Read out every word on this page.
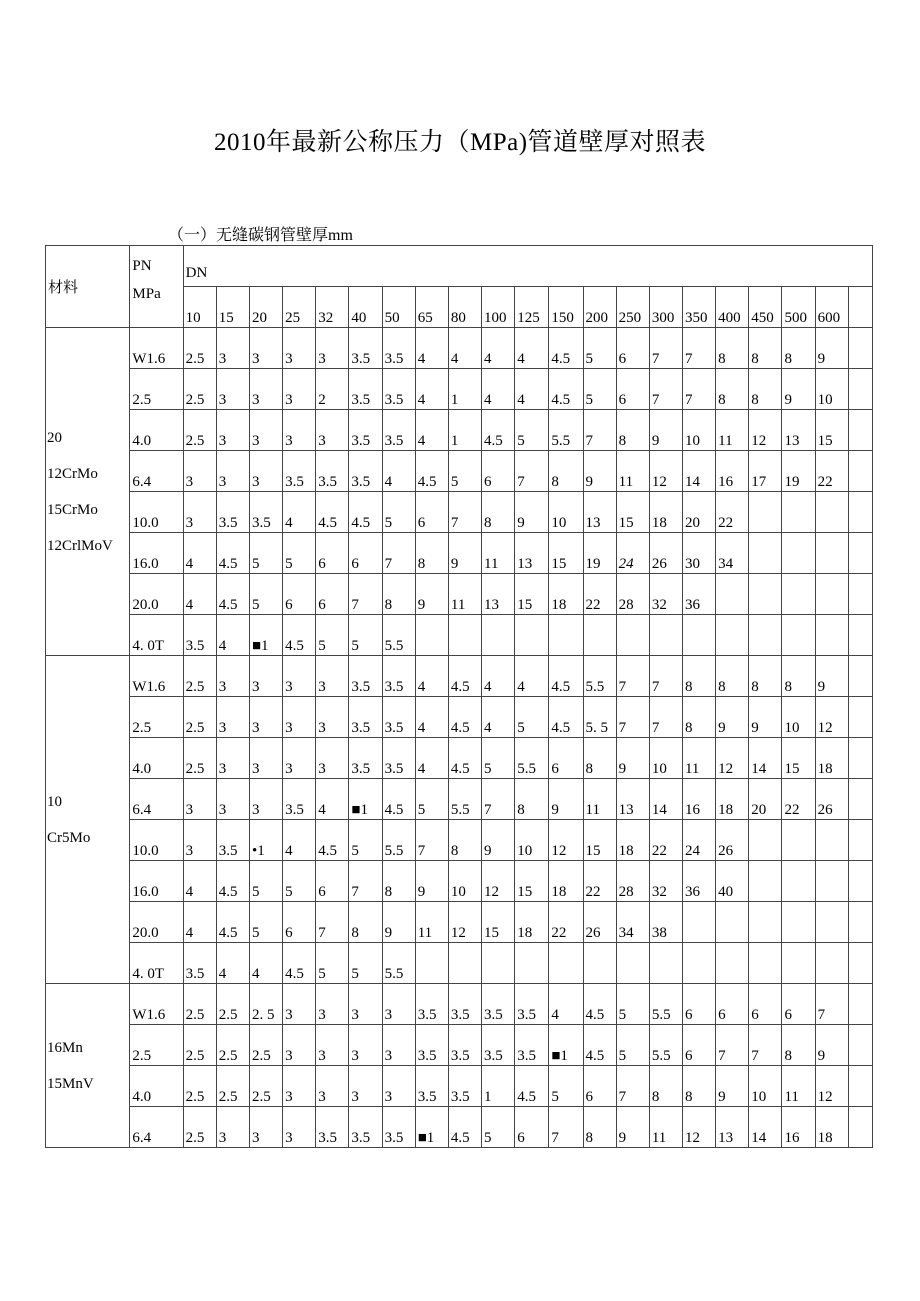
2010年最新公称压力（MPa)管道壁厚对照表
（一）无缝碳钢管壁厚mm
材料	PN
MPa	DN																				
		10	15	20	25	32	40	50	65	80	100	125	150	200	250	300	350	400	450	500	600	
20
12CrMo
15CrMo
12CrlMoV	W1.6	2.5	3	3	3	3	3.5	3.5	4	4	4	4	4.5	5	6	7	7	8	8	8	9	
	2.5	2.5	3	3	3	2	3.5	3.5	4	1	4	4	4.5	5	6	7	7	8	8	9	10	
	4.0	2.5	3	3	3	3	3.5	3.5	4	1	4.5	5	5.5	7	8	9	10	11	12	13	15	
	6.4	3	3	3	3.5	3.5	3.5	4	4.5	5	6	7	8	9	11	12	14	16	17	19	22	
	10.0	3	3.5	3.5	4	4.5	4.5	5	6	7	8	9	10	13	15	18	20	22				
	16.0	4	4.5	5	5	6	6	7	8	9	11	13	15	19	24	26	30	34				
	20.0	4	4.5	5	6	6	7	8	9	11	13	15	18	22	28	32	36					
	4. 0T	3.5	4	■1	4.5	5	5	5.5														
10
Cr5Mo	W1.6	2.5	3	3	3	3	3.5	3.5	4	4.5	4	4	4.5	5.5	7	7	8	8	8	8	9	
	2.5	2.5	3	3	3	3	3.5	3.5	4	4.5	4	5	4.5	5. 5	7	7	8	9	9	10	12	
	4.0	2.5	3	3	3	3	3.5	3.5	4	4.5	5	5.5	6	8	9	10	11	12	14	15	18	
	6.4	3	3	3	3.5	4	■1	4.5	5	5.5	7	8	9	11	13	14	16	18	20	22	26	
	10.0	3	3.5	•1	4	4.5	5	5.5	7	8	9	10	12	15	18	22	24	26				
	16.0	4	4.5	5	5	6	7	8	9	10	12	15	18	22	28	32	36	40				
	20.0	4	4.5	5	6	7	8	9	11	12	15	18	22	26	34	38						
	4. 0T	3.5	4	4	4.5	5	5	5.5														
16Mn
15MnV	W1.6	2.5	2.5	2. 5	3	3	3	3	3.5	3.5	3.5	3.5	4	4.5	5	5.5	6	6	6	6	7	
	2.5	2.5	2.5	2.5	3	3	3	3	3.5	3.5	3.5	3.5	■1	4.5	5	5.5	6	7	7	8	9	
	4.0	2.5	2.5	2.5	3	3	3	3	3.5	3.5	1	4.5	5	6	7	8	8	9	10	11	12	
	6.4	2.5	3	3	3	3.5	3.5	3.5	■1	4.5	5	6	7	8	9	11	12	13	14	16	18	
